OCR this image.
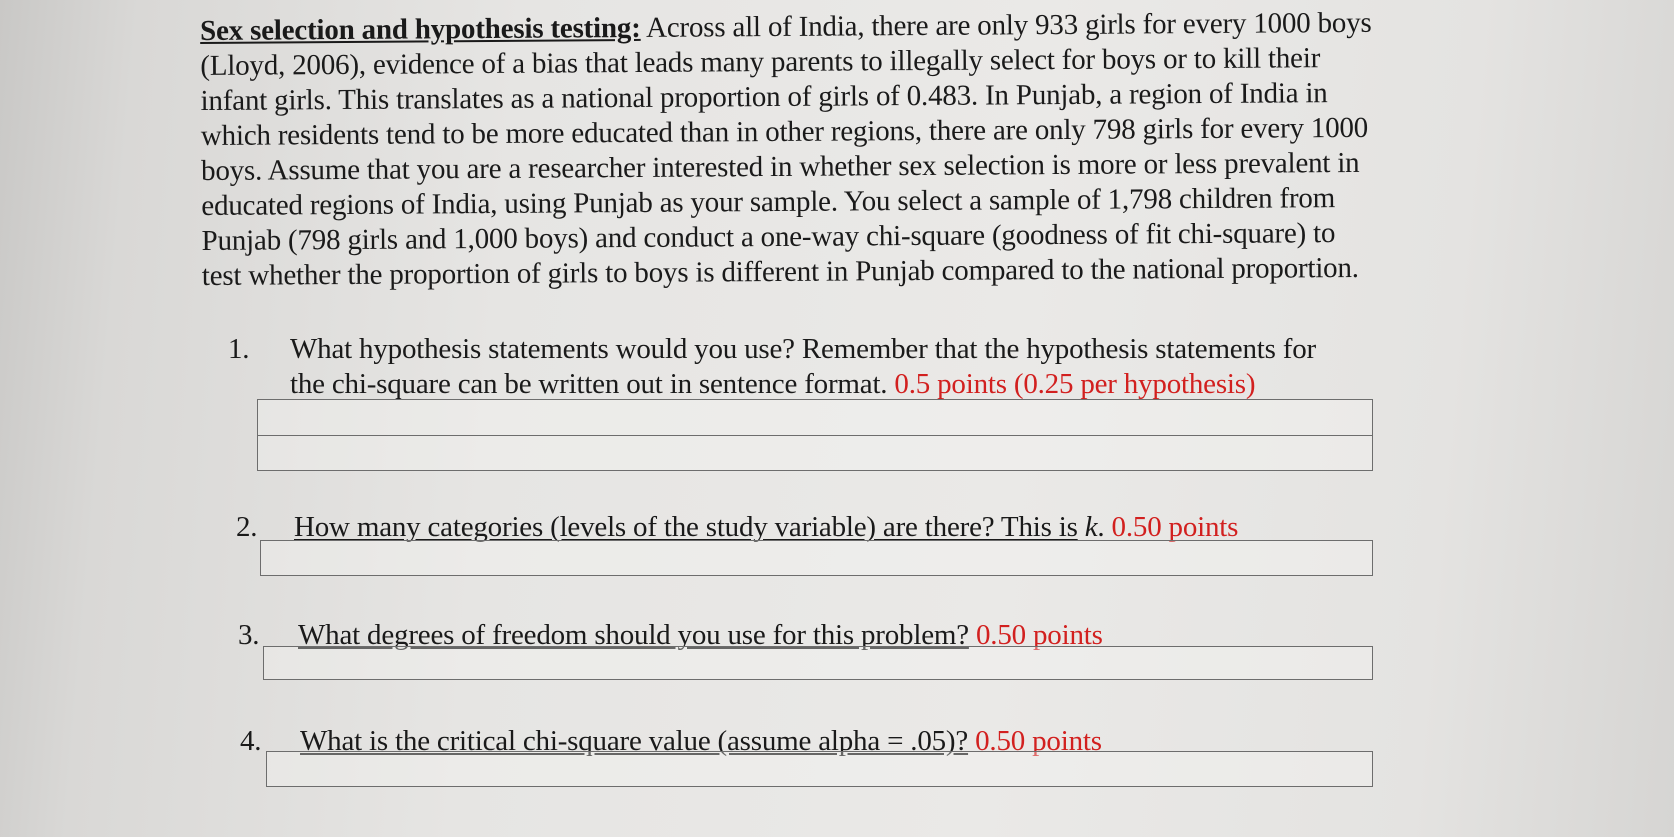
Sex selection and hypothesis testing: Across all of India, there are only 933 girls for every 1000 boys (Lloyd, 2006), evidence of a bias that leads many parents to illegally select for boys or to kill their infant girls. This translates as a national proportion of girls of 0.483. In Punjab, a region of India in which residents tend to be more educated than in other regions, there are only 798 girls for every 1000 boys. Assume that you are a researcher interested in whether sex selection is more or less prevalent in educated regions of India, using Punjab as your sample. You select a sample of 1,798 children from Punjab (798 girls and 1,000 boys) and conduct a one-way chi-square (goodness of fit chi-square) to test whether the proportion of girls to boys is different in Punjab compared to the national proportion.
1. What hypothesis statements would you use? Remember that the hypothesis statements for
the chi-square can be written out in sentence format. 0.5 points (0.25 per hypothesis)
2. How many categories (levels of the study variable) are there? This is k. 0.50 points
3. What degrees of freedom should you use for this problem? 0.50 points
4. What is the critical chi-square value (assume alpha = .05)? 0.50 points
